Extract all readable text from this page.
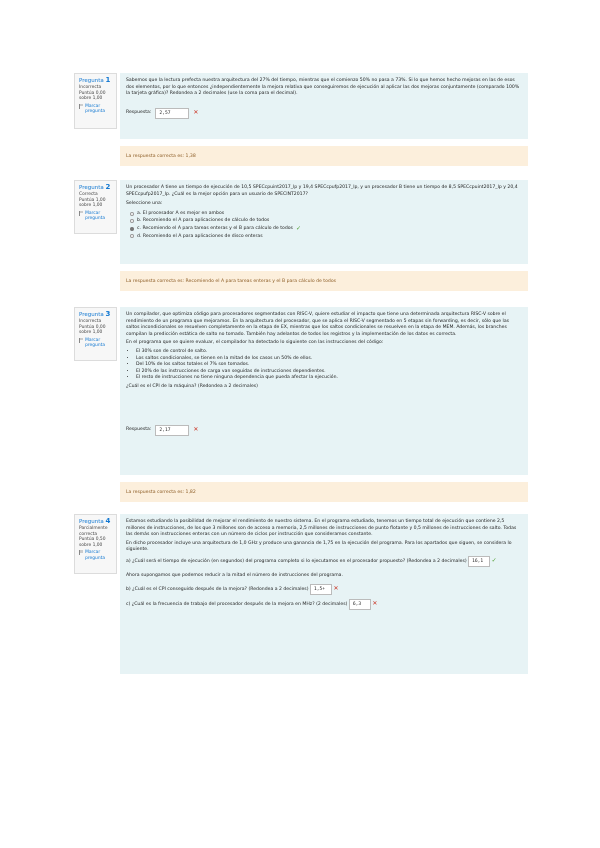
Pregunta 1
Incorrecta
Puntúa 0,00 sobre 1,00
Marcar pregunta

Sabemos que la lectura prefecta nuestra arquitectura del 27% del tiempo, mientras que el comienzo 50% no pasa a 73%. Si lo que hemos hecho mejoras en las de esos dos elementos, por lo que entonces ¿independientemente la mejora relativa que conseguiremos de ejecución al aplicar las dos mejoras conjuntamente (comparado 100% la tarjeta gráfica)? Redondea a 2 decimales (use la coma para el decimal).

Respuesta:	2,57	✕
La respuesta correcta es: 1,38
Pregunta 2
Correcta
Puntúa 1,00 sobre 1,00
Marcar pregunta

Un procesador A tiene un tiempo de ejecución de 10,5 SPECcpuint2017_lp y 19,4 SPECcpufp2017_lp, y un procesador B tiene un tiempo de 8,5 SPECcpuint2017_lp y 20,4 SPECcpufp2017_lp. ¿Cuál es la mejor opción para un usuario de SPECINT2017?

Seleccione una:

a. El procesador A es mejor en ambos
b. Recomiendo el A para aplicaciones de cálculo de todos
c. Recomiendo el A para tareas enteras y el B para cálculo de todos ✓
d. Recomiendo el A para aplicaciones de disco enteras
La respuesta correcta es: Recomiendo el A para tareas enteras y el B para cálculo de todos
Pregunta 3
Incorrecta
Puntúa 0,00 sobre 1,00
Marcar pregunta

Un compilador, que optimiza código para procesadores segmentados con RISC-V, quiere estudiar el impacto que tiene una determinada arquitectura RISC-V sobre el rendimiento de un programa que mejoramos. En la arquitectura del procesador, que se aplica el RISC-V segmentado en 5 etapas sin forwarding, es decir, sólo que las saltos incondicionales se resuelven completamente en la etapa de EX, mientras que los saltos condicionales se resuelven en la etapa de MEM. Además, los branches compilan la predicción estática de salto no tomado. También hay adelantos de todos los registros y la implementación de los datos es correcta.

En el programa que se quiere evaluar, el compilador ha detectado lo siguiente con las instrucciones del código:

• El 30% son de control de salto.
• Los saltos condicionales, se tienen en la mitad de los casos un 50% de ellos.
• Del 10% de los saltos totales el 7% son tomados.
• El 20% de las instrucciones de carga van seguidas de instrucciones dependientes.
• El resto de instrucciones no tiene ninguna dependencia que pueda afectar la ejecución.

¿Cuál es el CPI de la máquina? (Redondea a 2 decimales)

Respuesta:	2,17	✕
La respuesta correcta es: 1,82
Pregunta 4
Parcialmente correcta
Puntúa 0,50 sobre 1,00
Marcar pregunta

Estamos estudiando la posibilidad de mejorar el rendimiento de nuestro sistema. En el programa estudiado, tenemos un tiempo total de ejecución que contiene 2,5 millones de instrucciones, de los que 3 millones son de acceso a memoria, 2,5 millones de instrucciones de punto flotante y 0,5 millones de instrucciones de salto. Todas las demás son instrucciones enteras con un número de ciclos por instrucción que consideramos constante.

En dicho procesador incluye una arquitectura de 1,0 GHz y produce una ganancia de 1,75 en la ejecución del programa. Para los apartados que siguen, se considera lo siguiente.

a) ¿Cuál será el tiempo de ejecución (en segundos) del programa completo si lo ejecutamos en el procesador propuesto? (Redondea a 2 decimales) 16,1 ✓

Ahora supongamos que podemos reducir a la mitad el número de instrucciones del programa.

b) ¿Cuál es el CPI conseguido después de la mejora? (Redondea a 2 decimales) 1,5+ ✕

c) ¿Cuál es la frecuencia de trabajo del procesador después de la mejora en MHz? (2 decimales) 6,3 ✕
